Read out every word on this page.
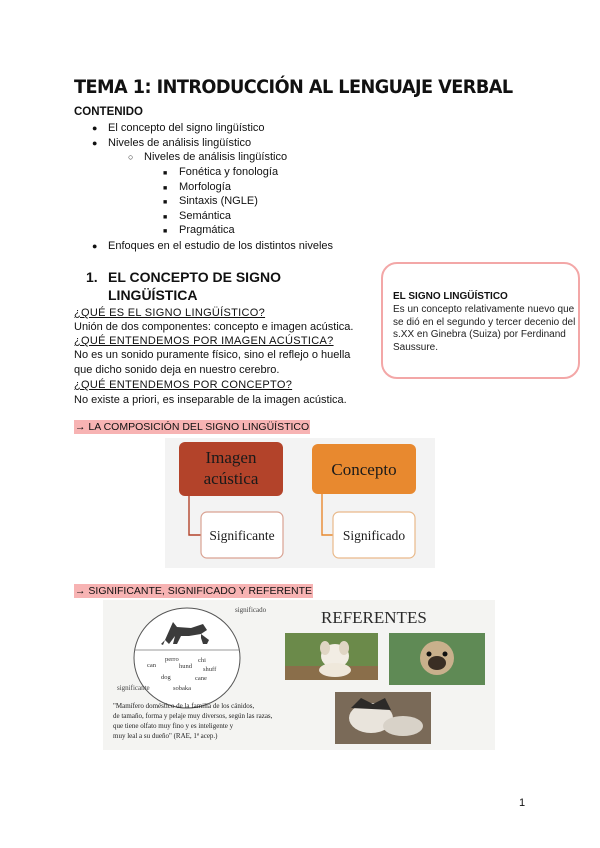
TEMA 1: INTRODUCCIÓN AL LENGUAJE VERBAL
CONTENIDO
● El concepto del signo lingüístico
● Niveles de análisis lingüístico
○ Niveles de análisis lingüístico
■ Fonética y fonología
■ Morfología
■ Sintaxis (NGLE)
■ Semántica
■ Pragmática
● Enfoques en el estudio de los distintos niveles
1. EL CONCEPTO DE SIGNO LINGÜÍSTICA
¿QUÉ ES EL SIGNO LINGÜÍSTICO?
Unión de dos componentes: concepto e imagen acústica.
¿QUÉ ENTENDEMOS POR IMAGEN ACÚSTICA?
No es un sonido puramente físico, sino el reflejo o huella
que dicho sonido deja en nuestro cerebro.
¿QUÉ ENTENDEMOS POR CONCEPTO?
No existe a priori, es inseparable de la imagen acústica.
EL SIGNO LINGÜÍSTICO
Es un concepto relativamente nuevo que se dió en el segundo y tercer decenio del s.XX en Ginebra (Suiza) por Ferdinand Saussure.
→ LA COMPOSICIÓN DEL SIGNO LINGÜÍSTICO
Imagen
acústica	Concepto
Significante	Significado
→ SIGNIFICANTE, SIGNIFICADO Y REFERENTE
significado
significante
perro	chi
can	hund shuff
dog	cane
sobaka
"Mamífero doméstico de la familia de los cánidos,
de tamaño, forma y pelaje muy diversos, según las razas,
que tiene olfato muy fino y es inteligente y
muy leal a su dueño" (RAE, 1ª acep.)
REFERENTES
1
